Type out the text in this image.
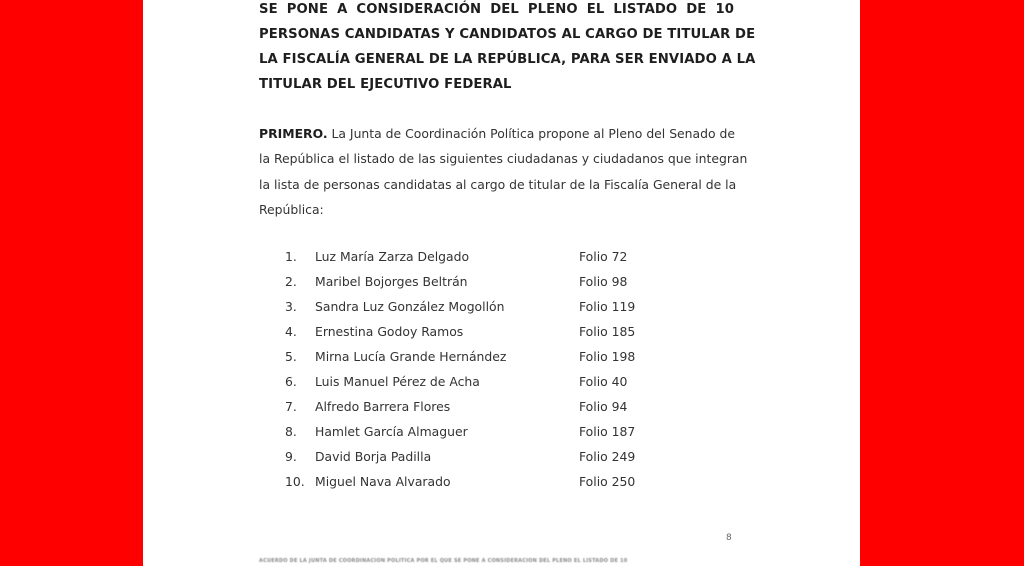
SE PONE A CONSIDERACIÓN DEL PLENO EL LISTADO DE 10
PERSONAS CANDIDATAS Y CANDIDATOS AL CARGO DE TITULAR DE
LA FISCALÍA GENERAL DE LA REPÚBLICA, PARA SER ENVIADO A LA
TITULAR DEL EJECUTIVO FEDERAL
PRIMERO. La Junta de Coordinación Política propone al Pleno del Senado de
la República el listado de las siguientes ciudadanas y ciudadanos que integran
la lista de personas candidatas al cargo de titular de la Fiscalía General de la
República:
1.	Luz María Zarza Delgado	Folio 72
2.	Maribel Bojorges Beltrán	Folio 98
3.	Sandra Luz González Mogollón	Folio 119
4.	Ernestina Godoy Ramos	Folio 185
5.	Mirna Lucía Grande Hernández	Folio 198
6.	Luis Manuel Pérez de Acha	Folio 40
7.	Alfredo Barrera Flores	Folio 94
8.	Hamlet García Almaguer	Folio 187
9.	David Borja Padilla	Folio 249
10. Miguel Nava Alvarado	Folio 250
8
ACUERDO DE LA JUNTA DE COORDINACIÓN POLÍTICA POR EL QUE SE PONE A CONSIDERACIÓN DEL PLENO EL LISTADO DE 10
